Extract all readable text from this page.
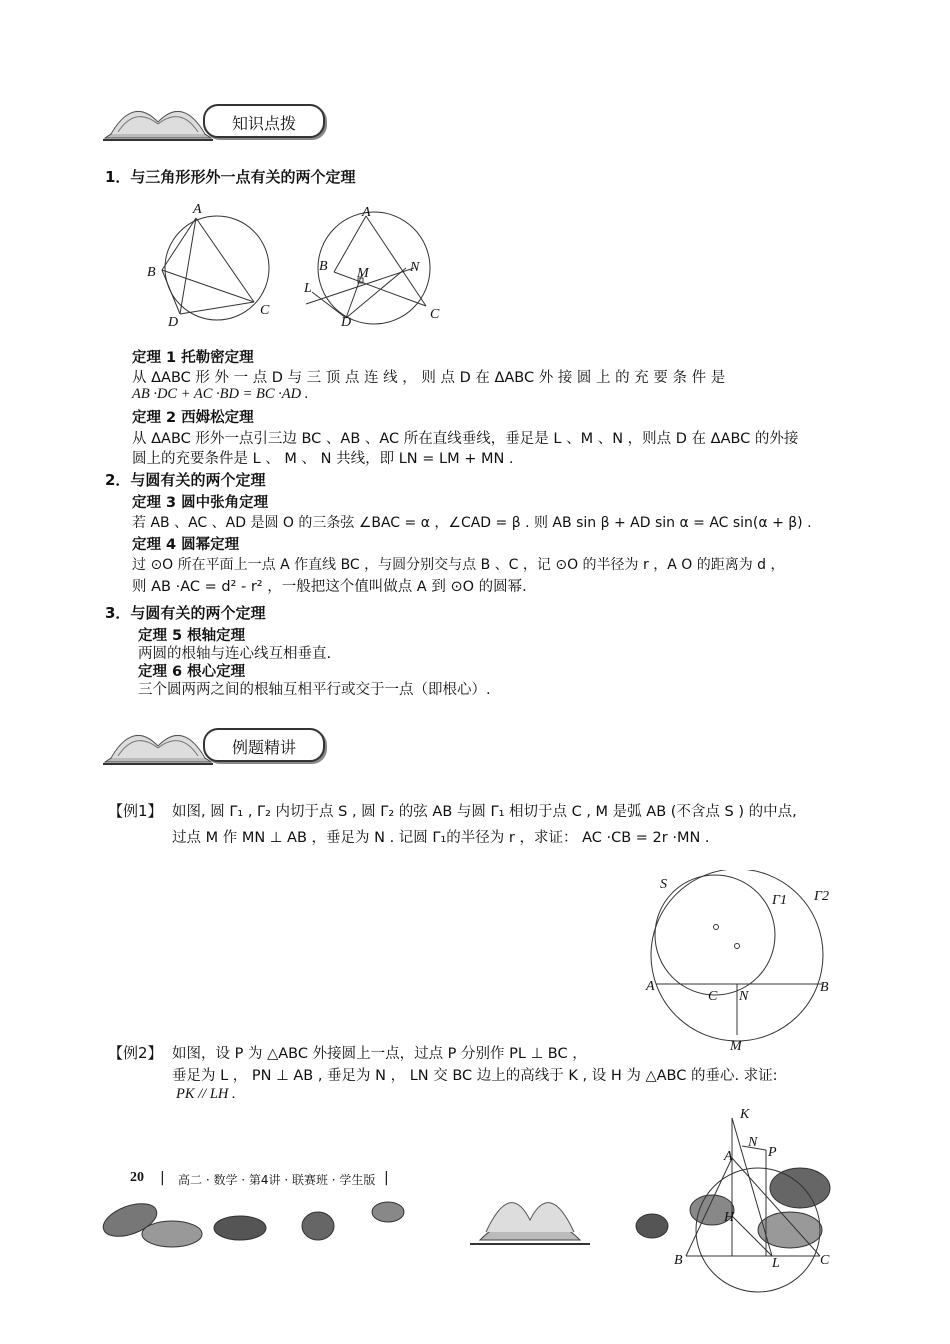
知识点拨
1．与三角形形外一点有关的两个定理
A
B
C
D
A
B M	N
L
D
C
定理 1 托勒密定理
从 ΔABC 形 外 一 点 D 与 三 顶 点 连 线 ， 则 点 D 在 ΔABC 外 接 圆 上 的 充 要 条 件 是
AB ·DC + AC ·BD = BC ·AD .
定理 2 西姆松定理
从 ΔABC 形外一点引三边 BC 、AB 、AC 所在直线垂线，垂足是 L 、M 、N ，则点 D 在 ΔABC 的外接
圆上的充要条件是 L 、 M 、 N 共线，即 LN = LM + MN .
2．与圆有关的两个定理
定理 3 圆中张角定理
若 AB 、AC 、AD 是圆 O 的三条弦 ∠BAC = α ，∠CAD = β . 则 AB sin β + AD sin α = AC sin(α + β) .
定理 4 圆幂定理
过 ⊙O 所在平面上一点 A 作直线 BC ，与圆分别交与点 B 、C ，记 ⊙O 的半径为 r ，A O 的距离为 d ，
则 AB ·AC = d² - r² ，一般把这个值叫做点 A 到 ⊙O 的圆幂.
3．与圆有关的两个定理
定理 5 根轴定理
两圆的根轴与连心线互相垂直.
定理 6 根心定理
三个圆两两之间的根轴互相平行或交于一点（即根心）.
例题精讲
【例1】 如图, 圆 Γ₁ , Γ₂ 内切于点 S , 圆 Γ₂ 的弦 AB 与圆 Γ₁ 相切于点 C , M 是弧 AB (不含点 S ) 的中点,
过点 M 作 MN ⊥ AB ，垂足为 N . 记圆 Γ₁的半径为 r ，求证： AC ·CB = 2r ·MN .
S
Γ1 Γ2
A
C N
B
M
【例2】 如图，设 P 为 △ABC 外接圆上一点，过点 P 分别作 PL ⊥ BC ，
垂足为 L ， PN ⊥ AB , 垂足为 N ， LN 交 BC 边上的高线于 K , 设 H 为 △ABC 的垂心. 求证:
PK // LH .
20 | 高二 · 数学 · 第4讲 · 联赛班 · 学生版 |
K
N
P
A
H
B	L	C
